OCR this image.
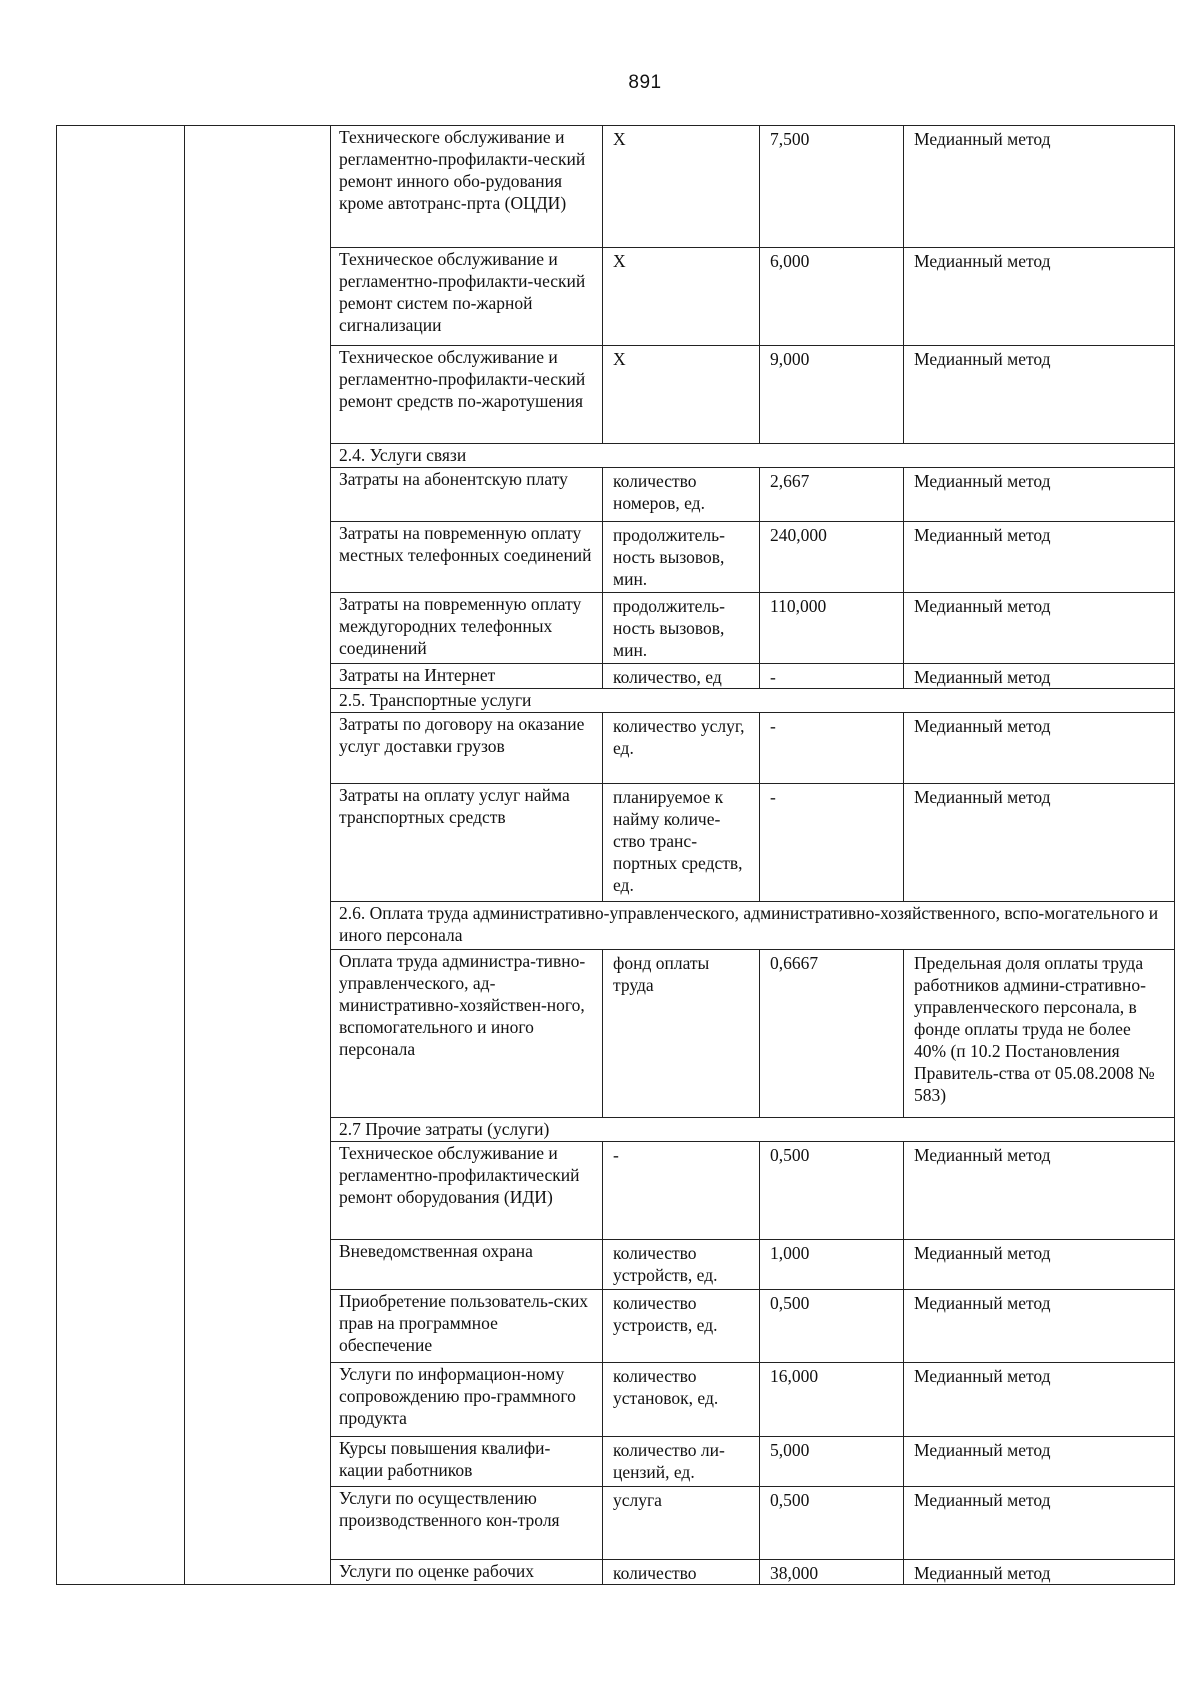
891
		Техническоге обслуживание и регламентно-профилакти-ческий ремонт инного обо-рудования кроме автотранс-прта (ОЦДИ)	Х	7,500	Медианный метод
		Техническое обслуживание и регламентно-профилакти-ческий ремонт систем по-жарной сигнализации	Х	6,000	Медианный метод
		Техническое обслуживание и регламентно-профилакти-ческий ремонт средств по-жаротушения	Х	9,000	Медианный метод
		2.4. Услуги связи			
		Затраты на абонентскую плату	количество номеров, ед.	2,667	Медианный метод
		Затраты на повременную оплату местных телефонных соединений	продолжитель-ность вызовов, мин.	240,000	Медианный метод
		Затраты на повременную оплату междугородних телефонных соединений	продолжитель-ность вызовов, мин.	110,000	Медианный метод
		Затраты на Интернет	количество, ед	-	Медианный метод
		2.5. Транспортные услуги			
		Затраты по договору на оказание услуг доставки грузов	количество услуг, ед.	-	Медианный метод
		Затраты на оплату услуг найма транспортных средств	планируемое к найму количе-ство транс-портных средств, ед.	-	Медианный метод
		2.6. Оплата труда административно-управленческого, административно-хозяйственного, вспо-могательного и иного персонала			
		Оплата труда администра-тивно-управленческого, ад-министративно-хозяйствен-ного, вспомогательного и иного персонала	фонд оплаты труда	0,6667	Предельная доля оплаты труда работников админи-стративно-управленческого персонала, в фонде оплаты труда не более 40% (п 10.2 Постановления Правитель-ства от 05.08.2008 № 583)
		2.7 Прочие затраты (услуги)			
		Техническое обслуживание и регламентно-профилактический ремонт оборудования (ИДИ)	-	0,500	Медианный метод
		Вневедомственная охрана	количество устройств, ед.	1,000	Медианный метод
		Приобретение пользователь-ских прав на программное обеспечение	количество устроиств, ед.	0,500	Медианный метод
		Услуги по информацион-ному сопровождению про-граммного продукта	количество установок, ед.	16,000	Медианный метод
		Курсы повышения квалифи-кации работников	количество ли-цензий, ед.	5,000	Медианный метод
		Услуги по осуществлению производственного кон-троля	услуга	0,500	Медианный метод
		Услуги по оценке рабочих	количество	38,000	Медианный метод
